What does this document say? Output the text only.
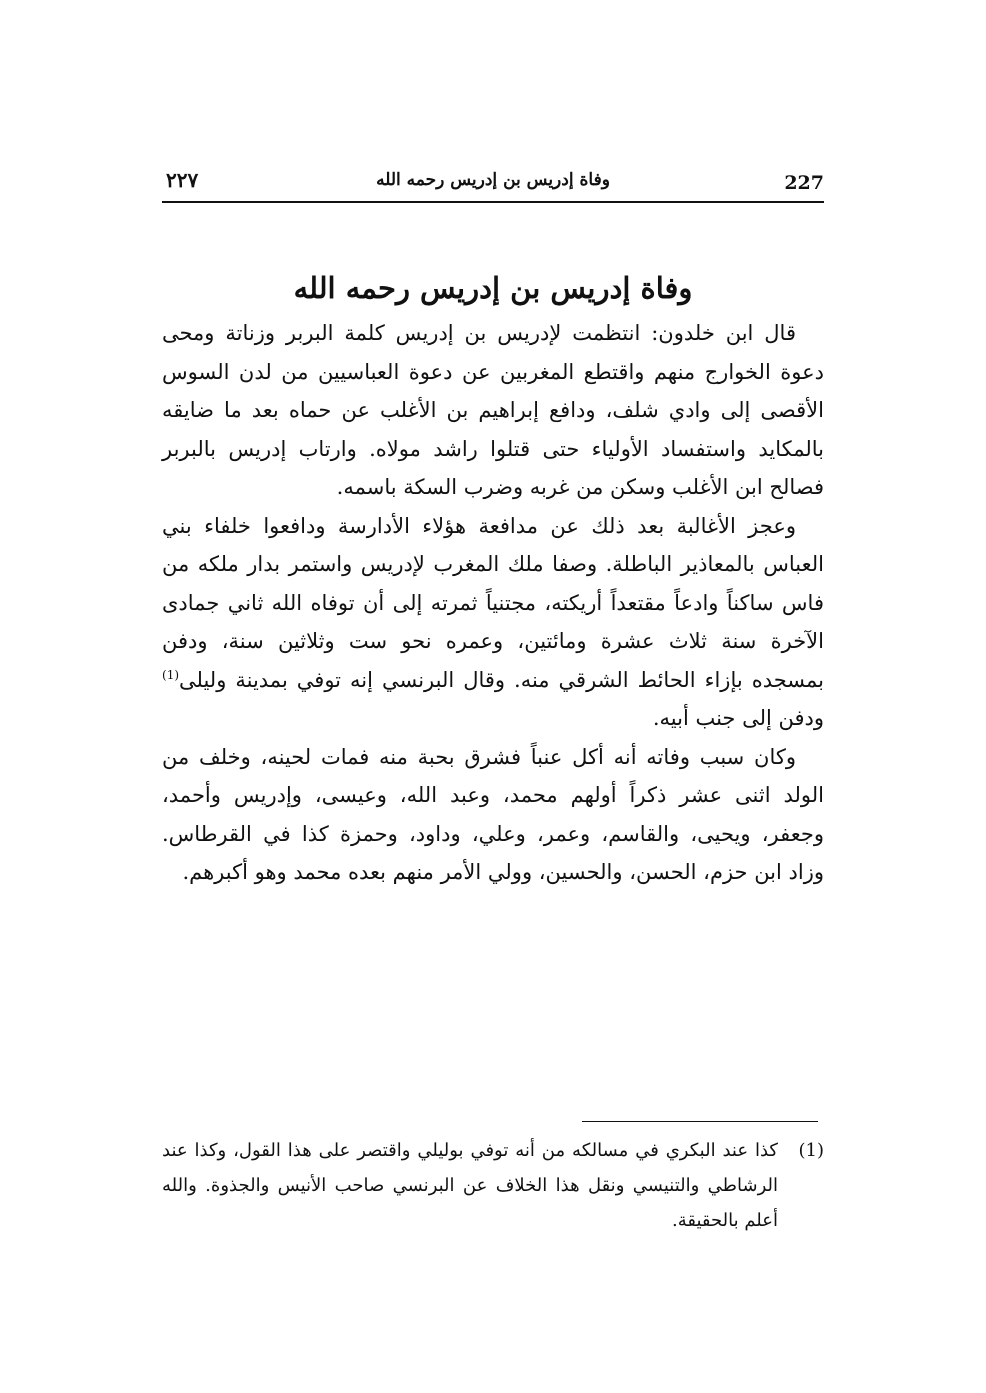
227
وفاة إدريس بن إدريس رحمه الله
٢٢٧
وفاة إدريس بن إدريس رحمه الله

قال ابن خلدون: انتظمت لإدريس بن إدريس كلمة البربر وزناتة ومحى دعوة الخوارج منهم واقتطع المغربين عن دعوة العباسيين من لدن السوس الأقصى إلى وادي شلف، ودافع إبراهيم بن الأغلب عن حماه بعد ما ضايقه بالمكايد واستفساد الأولياء حتى قتلوا راشد مولاه. وارتاب إدريس بالبربر فصالح ابن الأغلب وسكن من غربه وضرب السكة باسمه.

وعجز الأغالبة بعد ذلك عن مدافعة هؤلاء الأدارسة ودافعوا خلفاء بني العباس بالمعاذير الباطلة. وصفا ملك المغرب لإدريس واستمر بدار ملكه من فاس ساكناً وادعاً مقتعداً أريكته، مجتنياً ثمرته إلى أن توفاه الله ثاني جمادى الآخرة سنة ثلاث عشرة ومائتين، وعمره نحو ست وثلاثين سنة، ودفن بمسجده بإزاء الحائط الشرقي منه. وقال البرنسي إنه توفي بمدينة وليلى$^{(1)}$ ودفن إلى جنب أبيه.

وكان سبب وفاته أنه أكل عنباً فشرق بحبة منه فمات لحينه، وخلف من الولد اثنى عشر ذكراً أولهم محمد، وعبد الله، وعيسى، وإدريس وأحمد، وجعفر، ويحيى، والقاسم، وعمر، وعلي، وداود، وحمزة كذا في القرطاس. وزاد ابن حزم، الحسن، والحسين، وولي الأمر منهم بعده محمد وهو أكبرهم.

(1)
كذا عند البكري في مسالكه من أنه توفي بوليلي واقتصر على هذا القول، وكذا عند الرشاطي والتنيسي ونقل هذا الخلاف عن البرنسي صاحب الأنيس والجذوة. والله أعلم بالحقيقة.
